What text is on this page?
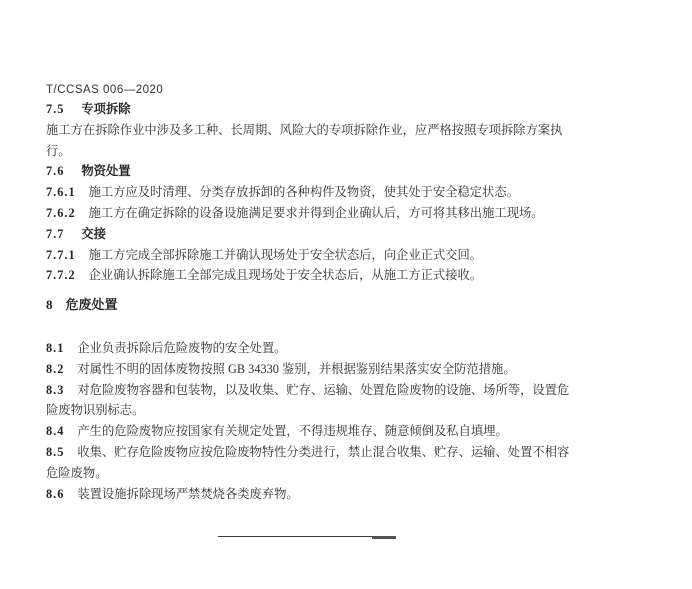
T/CCSAS 006—2020
7.5 专项拆除

施工方在拆除作业中涉及多工种、长周期、风险大的专项拆除作业，应严格按照专项拆除方案执行。

7.6 物资处置

7.6.1 施工方应及时清理、分类存放拆卸的各种构件及物资，使其处于安全稳定状态。

7.6.2 施工方在确定拆除的设备设施满足要求并得到企业确认后，方可将其移出施工现场。

7.7 交接

7.7.1 施工方完成全部拆除施工并确认现场处于安全状态后，向企业正式交回。

7.7.2 企业确认拆除施工全部完成且现场处于安全状态后，从施工方正式接收。

8 危废处置

8.1 企业负责拆除后危险废物的安全处置。

8.2 对属性不明的固体废物按照 GB 34330 鉴别，并根据鉴别结果落实安全防范措施。

8.3 对危险废物容器和包装物，以及收集、贮存、运输、处置危险废物的设施、场所等，设置危险废物识别标志。

8.4 产生的危险废物应按国家有关规定处置，不得违规堆存、随意倾倒及私自填埋。

8.5 收集、贮存危险废物应按危险废物特性分类进行，禁止混合收集、贮存、运输、处置不相容危险废物。

8.6 装置设施拆除现场严禁焚烧各类废弃物。
